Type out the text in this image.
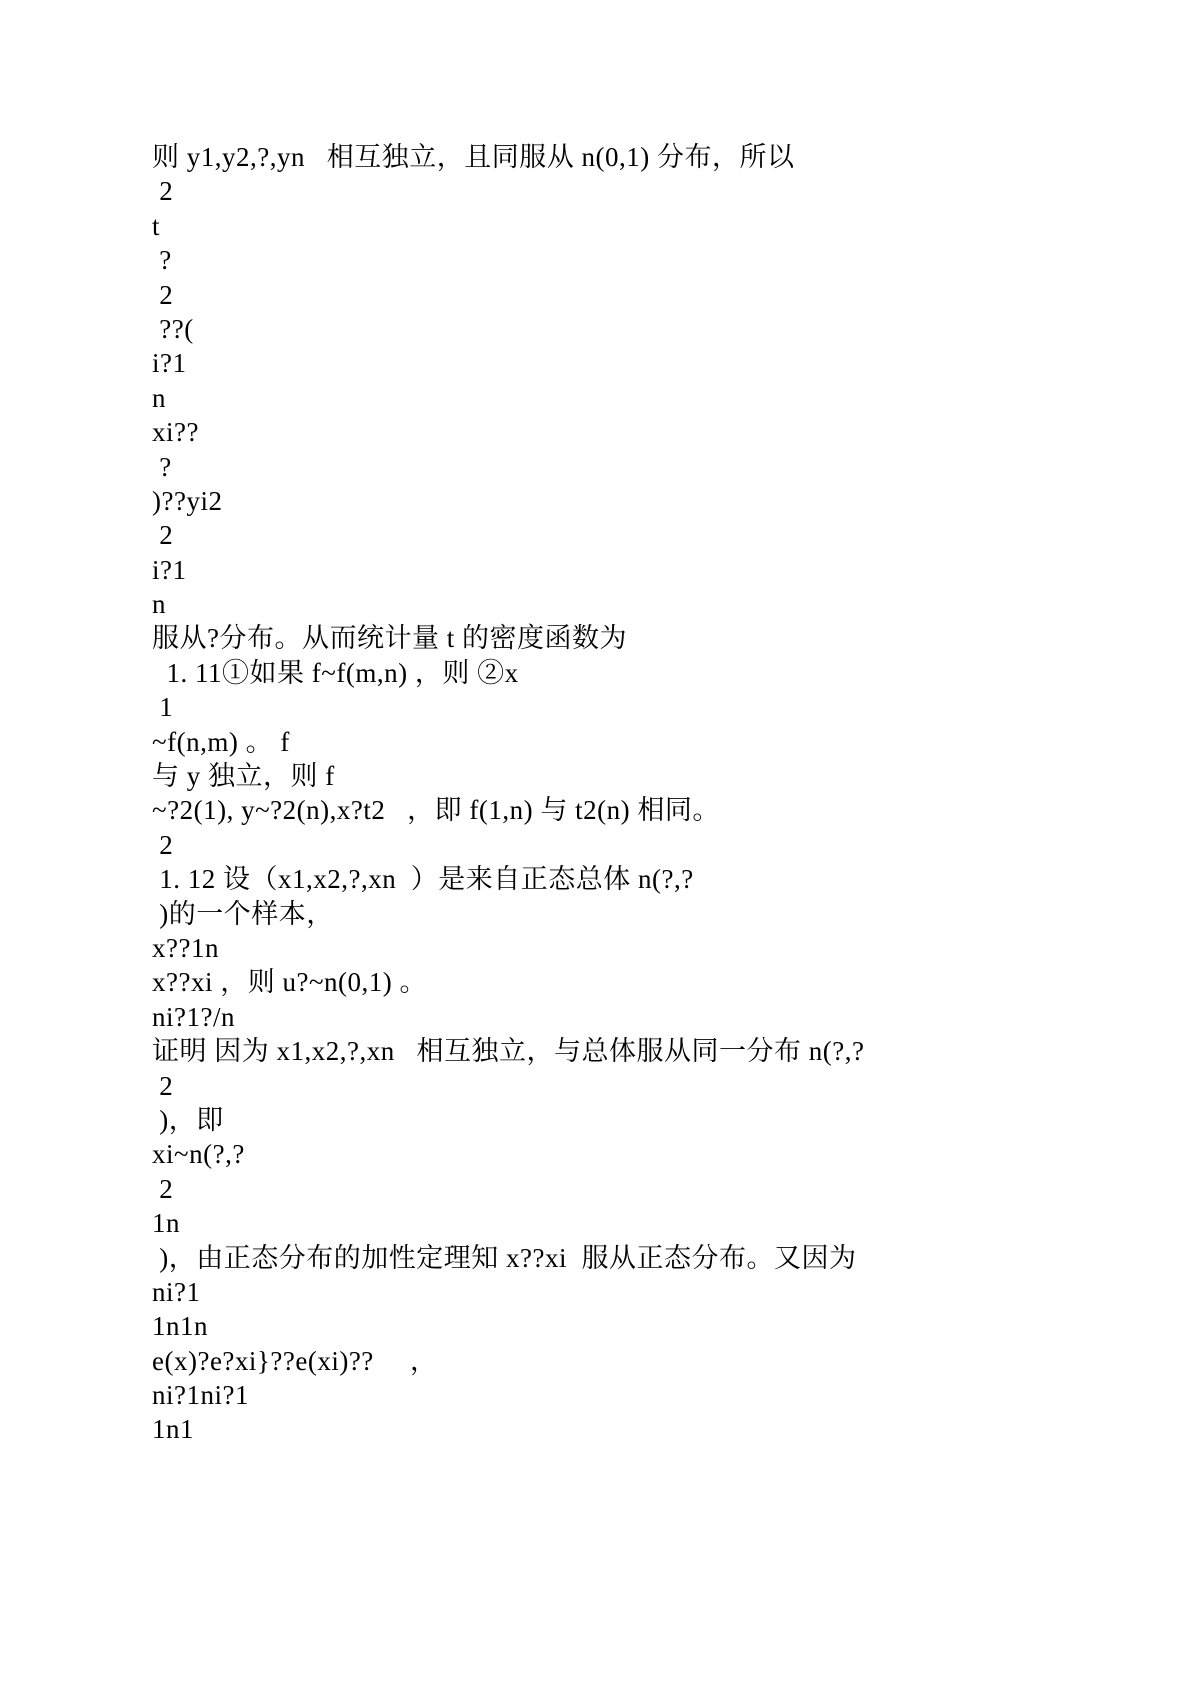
则 y1,y2,?,yn   相互独立，且同服从 n(0,1) 分布，所以
2
t
?
2
??(
i?1
n
xi??
?
)??yi2
2
i?1
n
服从?分布。从而统计量 t 的密度函数为
1. 11①如果 f~f(m,n) ，则 ②x
1
~f(n,m) 。 f
与 y 独立，则 f
~?2(1), y~?2(n),x?t2   ，即 f(1,n) 与 t2(n) 相同。
2
1. 12 设（x1,x2,?,xn  ）是来自正态总体 n(?,?
)的一个样本，
x??1n
x??xi ，则 u?~n(0,1) 。
ni?1?/n
证明 因为 x1,x2,?,xn   相互独立，与总体服从同一分布 n(?,?
2
)，即
xi~n(?,?
2
1n
)，由正态分布的加性定理知 x??xi  服从正态分布。又因为
ni?1
1n1n
e(x)?e?xi}??e(xi)??     ，
ni?1ni?1
1n1
